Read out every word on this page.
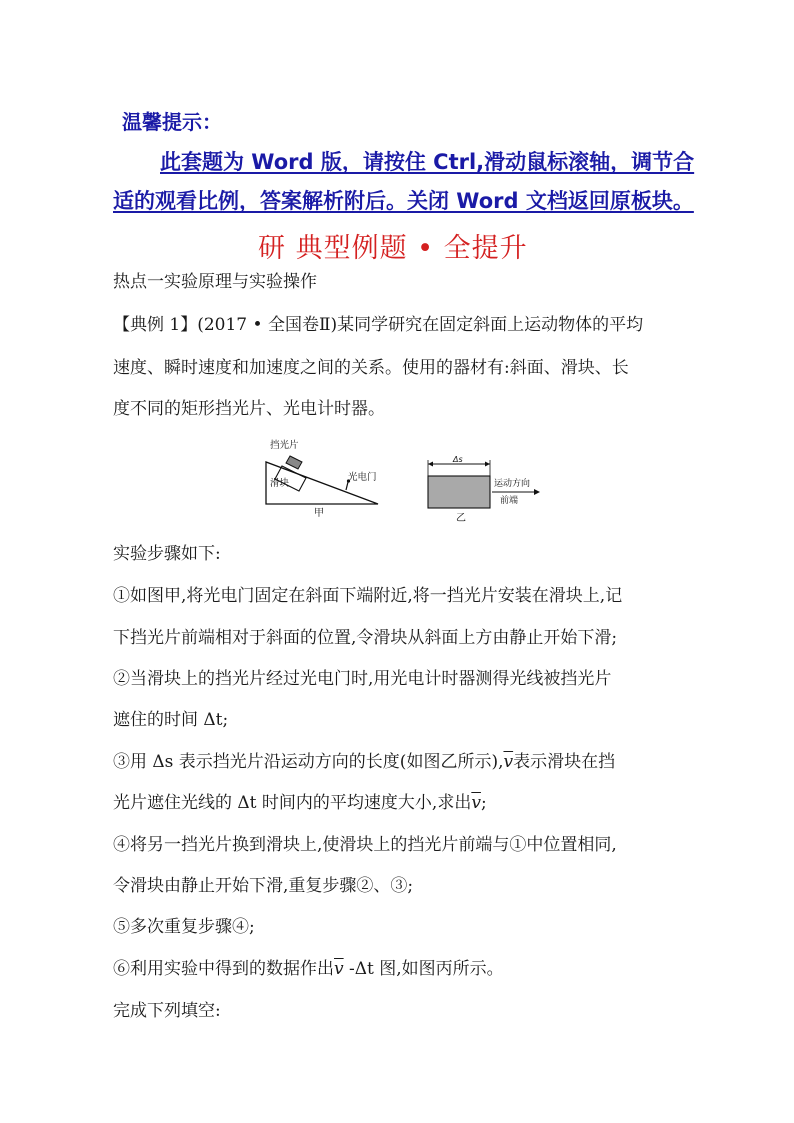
温馨提示：
此套题为 Word 版，请按住 Ctrl,滑动鼠标滚轴，调节合
适的观看比例，答案解析附后。关闭 Word 文档返回原板块。
研 典型例题 • 全提升
热点一实验原理与实验操作
【典例 1】(2017 • 全国卷Ⅱ)某同学研究在固定斜面上运动物体的平均
速度、瞬时速度和加速度之间的关系。使用的器材有:斜面、滑块、长
度不同的矩形挡光片、光电计时器。
挡光片
滑块
光电门
甲
Δs
运动方向
前端
乙
实验步骤如下:
①如图甲,将光电门固定在斜面下端附近,将一挡光片安装在滑块上,记
下挡光片前端相对于斜面的位置,令滑块从斜面上方由静止开始下滑;
②当滑块上的挡光片经过光电门时,用光电计时器测得光线被挡光片
遮住的时间 Δt;
③用 Δs 表示挡光片沿运动方向的长度(如图乙所示)$,\overline{v}$表示滑块在挡
光片遮住光线的 Δt 时间内的平均速度大小,求出$\overline{v}$;
④将另一挡光片换到滑块上,使滑块上的挡光片前端与①中位置相同,
令滑块由静止开始下滑,重复步骤②、③;
⑤多次重复步骤④;
⑥利用实验中得到的数据作出$\overline{v}$ -Δt 图,如图丙所示。
完成下列填空:
